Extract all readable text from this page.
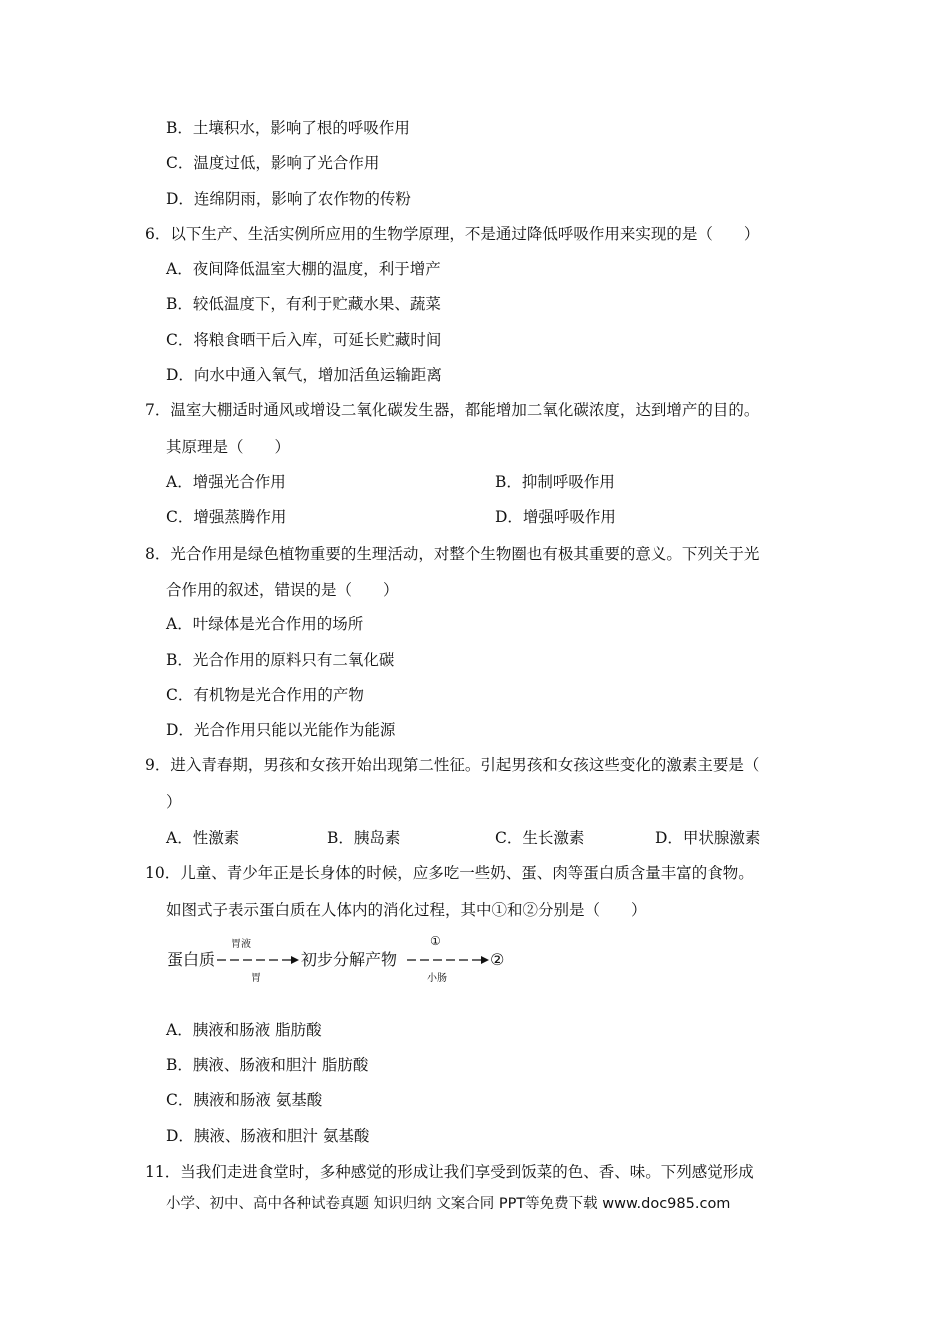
B．土壤积水，影响了根的呼吸作用
C．温度过低，影响了光合作用
D．连绵阴雨，影响了农作物的传粉
6．以下生产、生活实例所应用的生物学原理，不是通过降低呼吸作用来实现的是（　　）
A．夜间降低温室大棚的温度，利于增产
B．较低温度下，有利于贮藏水果、蔬菜
C．将粮食晒干后入库，可延长贮藏时间
D．向水中通入氧气，增加活鱼运输距离
7．温室大棚适时通风或增设二氧化碳发生器，都能增加二氧化碳浓度，达到增产的目的。
其原理是（　　）
A．增强光合作用	B．抑制呼吸作用
C．增强蒸腾作用	D．增强呼吸作用
8．光合作用是绿色植物重要的生理活动，对整个生物圈也有极其重要的意义。下列关于光
合作用的叙述，错误的是（　　）
A．叶绿体是光合作用的场所
B．光合作用的原料只有二氧化碳
C．有机物是光合作用的产物
D．光合作用只能以光能作为能源
9．进入青春期，男孩和女孩开始出现第二性征。引起男孩和女孩这些变化的激素主要是（
）
A．性激素	B．胰岛素	C．生长激素	D．甲状腺激素
10．儿童、青少年正是长身体的时候，应多吃一些奶、蛋、肉等蛋白质含量丰富的食物。
如图式子表示蛋白质在人体内的消化过程，其中①和②分别是（　　）
蛋白质
胃液
胃
初步分解产物
①
小肠
②
A．胰液和肠液 脂肪酸
B．胰液、肠液和胆汁 脂肪酸
C．胰液和肠液 氨基酸
D．胰液、肠液和胆汁 氨基酸
11．当我们走进食堂时，多种感觉的形成让我们享受到饭菜的色、香、味。下列感觉形成
小学、初中、高中各种试卷真题 知识归纳 文案合同 PPT等免费下载 www.doc985.com
